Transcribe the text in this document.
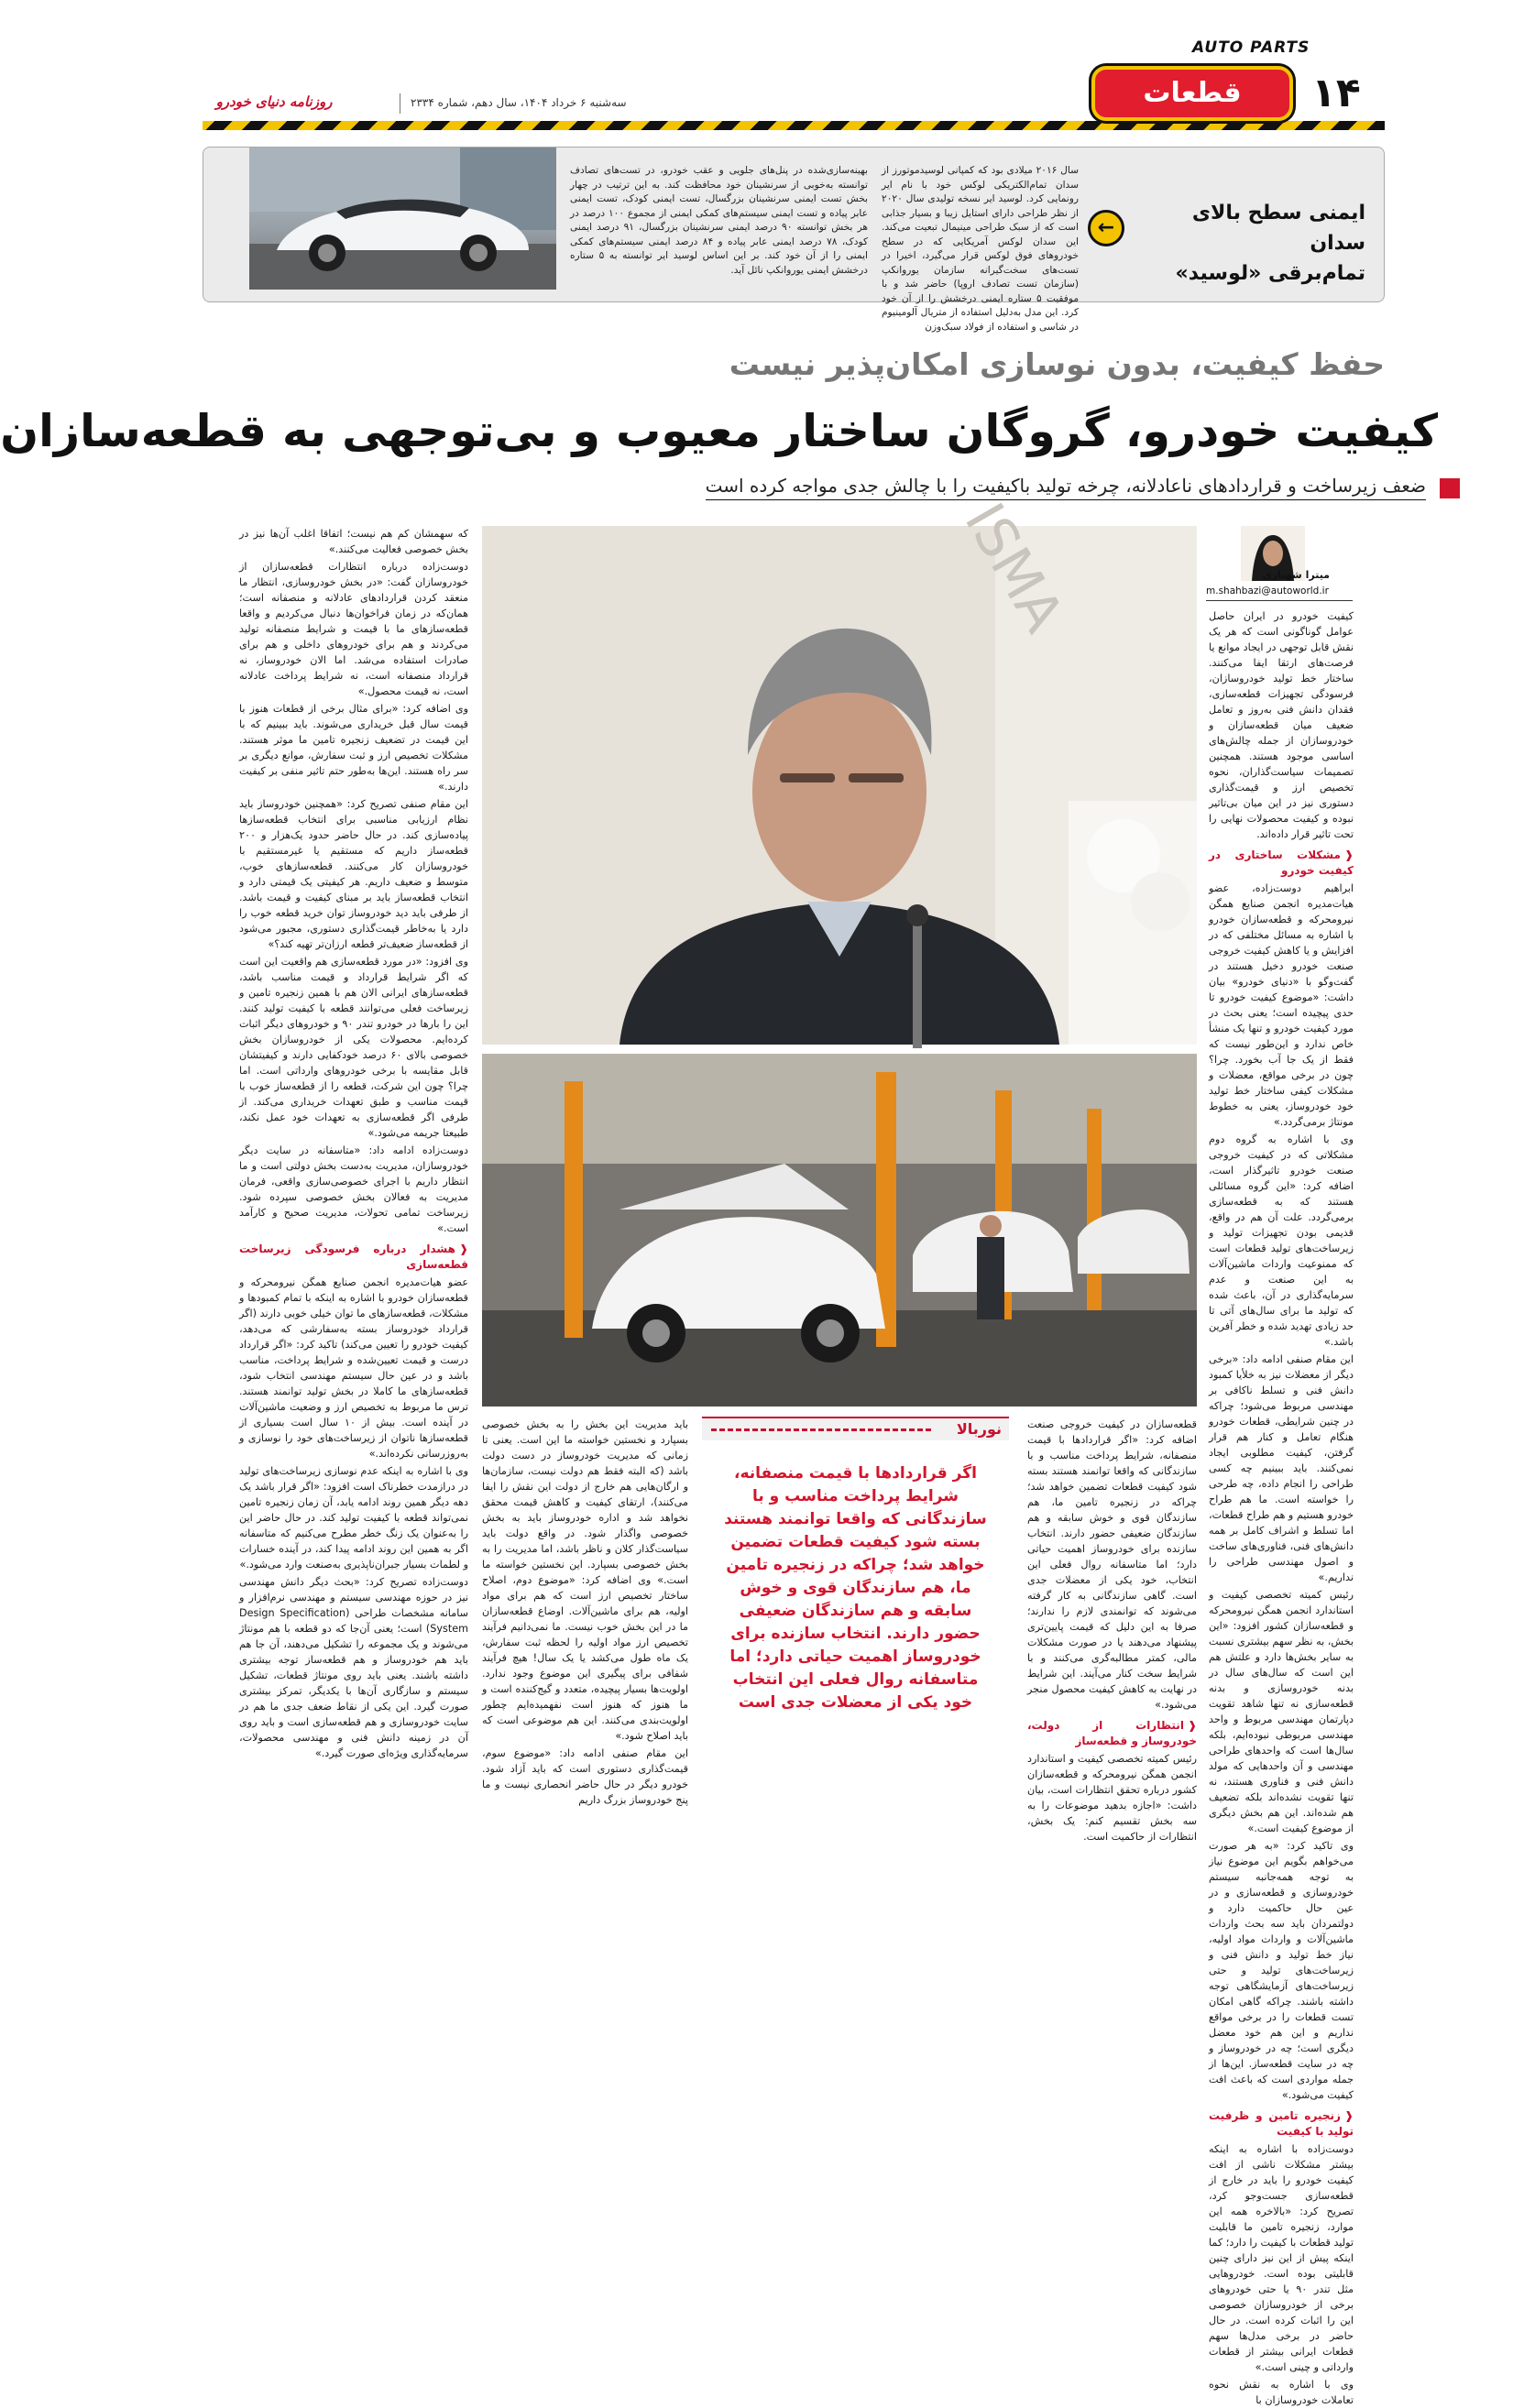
AUTO PARTS
۱۴
قطعات
سه‌شنبه ۶ خرداد ۱۴۰۴، سال دهم، شماره ۲۳۳۴
روزنامه دنیای خودرو
ایمنی سطح بالای سدان
تمام‌برقی «لوسید»
←
سال ۲۰۱۶ میلادی بود که کمپانی لوسید‌موتورز از سدان تمام‌الکتریکی لوکس خود با نام ایر رونمایی کرد. لوسید ایر نسخه تولیدی سال ۲۰۲۰ از نظر طراحی دارای استایل زیبا و بسیار جذابی است که از سبک طراحی مینیمال تبعیت می‌کند. این سدان لوکس آمریکایی که در سطح خودروهای فوق لوکس قرار می‌گیرد، اخیرا در تست‌های سخت‌گیرانه سازمان یوروانکپ (سازمان تست تصادف اروپا) حاضر شد و با موفقیت ۵ ستاره ایمنی درخشش را از آن خود کرد. این مدل به‌دلیل استفاده از متریال آلومینیوم در شاسی و استفاده از فولاد سبک‌وزن
بهینه‌سازی‌شده در پنل‌های جلویی و عقب خودرو، در تست‌های تصادف توانسته به‌خوبی از سرنشینان خود محافظت کند. به این ترتیب در چهار بخش تست ایمنی سرنشینان بزرگسال، تست ایمنی کودک، تست ایمنی عابر پیاده و تست ایمنی سیستم‌های کمکی ایمنی از مجموع ۱۰۰ درصد در هر بخش توانسته ۹۰ درصد ایمنی سرنشینان بزرگسال، ۹۱ درصد ایمنی کودک، ۷۸ درصد ایمنی عابر پیاده و ۸۴ درصد ایمنی سیستم‌های کمکی ایمنی را از آن خود کند. بر این اساس لوسید ایر توانسته به ۵ ستاره درخشش ایمنی یوروانکپ نائل آید.
حفظ کیفیت، بدون نوسازی امکان‌پذیر نیست
کیفیت خودرو، گروگان ساختار معیوب و بی‌توجهی به قطعه‌سازان
ضعف زیرساخت و قراردادهای ناعادلانه، چرخه تولید باکیفیت را با چالش جدی مواجه کرده است
ISMA	میترا شهبازی
m.shahbazi@autoworld.ir

کیفیت خودرو در ایران حاصل عوامل گوناگونی است که هر یک نقش قابل توجهی در ایجاد موانع یا فرصت‌های ارتقا ایفا می‌کنند. ساختار خط تولید خودروسازان، فرسودگی تجهیزات قطعه‌سازی، فقدان دانش فنی به‌روز و تعامل ضعیف میان قطعه‌سازان و خودروسازان از جمله چالش‌های اساسی موجود هستند. همچنین تصمیمات سیاست‌گذاران، نحوه تخصیص ارز و قیمت‌گذاری دستوری نیز در این میان بی‌تاثیر نبوده و کیفیت محصولات نهایی را تحت تاثیر قرار داده‌اند.

❰ مشکلات ساختاری در کیفیت خودرو

ابراهیم دوست‌زاده، عضو هیات‌مدیره انجمن صنایع همگن نیرو‌محرکه و قطعه‌سازان خودرو با اشاره به مسائل مختلفی که در افزایش و یا کاهش کیفیت خروجی صنعت خودرو دخیل هستند در گفت‌وگو با «دنیای خودرو» بیان داشت: «موضوع کیفیت خودرو تا حدی پیچیده است؛ یعنی بحث در مورد کیفیت خودرو و تنها یک منشأ خاص ندارد و این‌طور نیست که فقط از یک جا آب بخورد. چرا؟ چون در برخی مواقع، معضلات و مشکلات کیفی ساختار خط تولید خود خودروساز، یعنی به خطوط مونتاژ برمی‌گردد.»

وی با اشاره به گروه دوم مشکلاتی که در کیفیت خروجی صنعت خودرو تاثیرگذار است، اضافه کرد: «این گروه مسائلی هستند که به قطعه‌سازی برمی‌گردد. علت آن هم در واقع، قدیمی بودن تجهیزات تولید و زیرساخت‌های تولید قطعات است که ممنوعیت واردات ماشین‌آلات به این صنعت و عدم سرمایه‌گذاری در آن، باعث شده که تولید ما برای سال‌های آتی تا حد زیادی تهدید شده و خطر آفرین باشد.»

این مقام صنفی ادامه داد: «برخی دیگر از معضلات نیز به خلأیا کمبود دانش فنی و تسلط ناکافی بر مهندسی مربوط می‌شود؛ چراکه در چنین شرایطی، قطعات خودرو هنگام تعامل و کنار هم قرار گرفتن، کیفیت مطلوبی ایجاد نمی‌کنند. باید ببینیم چه کسی طراحی را انجام داده، چه طرحی را خواسته است. ما هم طراح خودرو هستیم و هم طراح قطعات، اما تسلط و اشراف کامل بر همه دانش‌های فنی، فناوری‌های ساخت و اصول مهندسی طراحی را نداریم.»

رئیس کمیته تخصصی کیفیت و استاندارد انجمن همگن نیرو‌محرکه و قطعه‌سازان کشور افزود: «این بخش، به نظر سهم بیشتری نسبت به سایر بخش‌ها دارد و علتش هم این است که سال‌های سال در بدنه خودروسازی و بدنه قطعه‌سازی نه تنها شاهد تقویت دپارتمان مهندسی مربوط و واحد مهندسی مربوطی نبوده‌ایم، بلکه سال‌ها است که واحدهای طراحی مهندسی و آن واحدهایی که مولد دانش فنی و فناوری هستند، نه تنها تقویت نشده‌اند بلکه تضعیف هم شده‌اند. این هم بخش دیگری از موضوع کیفیت است.»

وی تاکید کرد: «به هر صورت می‌خواهم بگویم این موضوع نیاز به توجه همه‌جانبه سیستم خودروسازی و قطعه‌سازی و در عین حال حاکمیت دارد و دولتمردان باید سه بحث واردات ماشین‌آلات و واردات مواد اولیه، نیاز خط تولید و دانش فنی و زیرساخت‌های تولید و حتی زیرساخت‌های آزمایشگاهی توجه داشته باشند. چراکه گاهی امکان تست قطعات را در برخی مواقع نداریم و این هم خود معضل دیگری است؛ چه در خودروساز و چه در سایت قطعه‌ساز. این‌ها از جمله مواردی است که باعث افت کیفیت می‌شود.»

❰ زنجیره تامین و ظرفیت تولید با کیفیت

دوست‌زاده با اشاره به اینکه بیشتر مشکلات ناشی از افت کیفیت خودرو را باید در خارج از قطعه‌سازی جست‌وجو کرد، تصریح کرد: «بالاخره همه این موارد، زنجیره تامین ما قابلیت تولید قطعات با کیفیت را دارد؛ کما اینکه پیش از این نیز دارای چنین قابلیتی بوده است. خودروهایی مثل تندر ۹۰ یا حتی خودروهای برخی از خودروسازان خصوصی این را اثبات کرده است. در حال حاضر در برخی مدل‌ها سهم قطعات ایرانی بیشتر از قطعات وارداتی و چینی است.»

وی با اشاره به نقش نحوه تعاملات خودروسازان با

قطعه‌سازان در کیفیت خروجی صنعت اضافه کرد: «اگر قراردادها با قیمت منصفانه، شرایط پرداخت مناسب و با سازندگانی که واقعا توانمند هستند بسته شود کیفیت قطعات تضمین خواهد شد؛ چراکه در زنجیره تامین ما، هم سازندگان قوی و خوش سابقه و هم سازندگان ضعیفی حضور دارند. انتخاب سازنده برای خودروساز اهمیت حیاتی دارد؛ اما متاسفانه روال فعلی این انتخاب، خود یکی از معضلات جدی است. گاهی سازندگانی به کار گرفته می‌شوند که توانمندی لازم را ندارند؛ صرفا به این دلیل که قیمت پایین‌تری پیشنهاد می‌دهند یا در صورت مشکلات مالی، کمتر مطالبه‌گری می‌کنند و با شرایط سخت کنار می‌آیند. این شرایط در نهایت به کاهش کیفیت محصول منجر می‌شود.»

❰ انتظارات از دولت، خودروساز و قطعه‌ساز

رئیس کمیته تخصصی کیفیت و استاندارد انجمن همگن نیرو‌محرکه و قطعه‌سازان کشور درباره تحقق انتظارات است، بیان داشت: «اجازه بدهید موضوعات را به سه بخش تقسیم کنم: یک بخش، انتظارات از حاکمیت است.

نوربالا
اگر قراردادها با قیمت منصفانه، شرایط پرداخت مناسب و با سازندگانی که واقعا توانمند هستند بسته شود کیفیت قطعات تضمین خواهد شد؛ چراکه در زنجیره تامین ما، هم سازندگان قوی و خوش سابقه و هم سازندگان ضعیفی حضور دارند. انتخاب سازنده برای خودروساز اهمیت حیاتی دارد؛ اما متاسفانه روال فعلی این انتخاب خود یکی از معضلات جدی است

باید مدیریت این بخش را به بخش خصوصی بسپارد و نخستین خواسته ما این است. یعنی تا زمانی که مدیریت خودروساز در دست دولت باشد (که البته فقط هم دولت نیست، سازمان‌ها و ارگان‌هایی هم خارج از دولت این نقش را ایفا می‌کنند)، ارتقای کیفیت و کاهش قیمت محقق نخواهد شد و اداره خودروساز باید به بخش خصوصی واگذار شود. در واقع دولت باید سیاست‌گذار کلان و ناظر باشد، اما مدیریت را به بخش خصوصی بسپارد. این نخستین خواسته ما است.» وی اضافه کرد: «موضوع دوم، اصلاح ساختار تخصیص ارز است که هم برای مواد اولیه، هم برای ماشین‌آلات. اوضاع قطعه‌سازان ما در این بخش خوب نیست. ما نمی‌دانیم فرآیند تخصیص ارز مواد اولیه را لحظه ثبت سفارش، یک ماه طول می‌کشد یا یک سال! هیچ فرآیند شفافی برای پیگیری این موضوع وجود ندارد. اولویت‌ها بسیار پیچیده، متعدد و گیج‌کننده است و ما هنوز که هنوز است نفهمیده‌ایم چطور اولویت‌بندی می‌کنند. این هم موضوعی است که باید اصلاح شود.»

این مقام صنفی ادامه داد: «موضوع سوم، قیمت‌گذاری دستوری است که باید آزاد شود. خودرو دیگر در حال حاضر انحصاری نیست و ما پنج خودروساز بزرگ داریم

که سهمشان کم هم نیست؛ اتفاقا اغلب آن‌ها نیز در بخش خصوصی فعالیت می‌کنند.»

دوست‌زاده درباره انتظارات قطعه‌سازان از خودروسازان گفت: «در بخش خودروسازی، انتظار ما منعقد کردن قراردادهای عادلانه و منصفانه است؛ همان‌که در زمان فراخوان‌ها دنبال می‌کردیم و واقعا قطعه‌سازهای ما با قیمت و شرایط منصفانه تولید می‌کردند و هم برای خودروهای داخلی و هم برای صادرات استفاده می‌شد. اما الان خودروساز، نه قرارداد منصفانه است، نه شرایط پرداخت عادلانه است، نه قیمت محصول.»

وی اضافه کرد: «برای مثال برخی از قطعات هنوز با قیمت سال قبل خریداری می‌شوند. باید ببینیم که با این قیمت در تضعیف زنجیره تامین ما موثر هستند. مشکلات تخصیص ارز و ثبت سفارش، موانع دیگری بر سر راه هستند. این‌ها به‌طور حتم تاثیر منفی بر کیفیت دارند.»

این مقام صنفی تصریح کرد: «همچنین خودروساز باید نظام ارزیابی مناسبی برای انتخاب قطعه‌سازها پیاده‌سازی کند. در حال حاضر حدود یک‌هزار و ۲۰۰ قطعه‌ساز داریم که مستقیم یا غیرمستقیم با خودروسازان کار می‌کنند. قطعه‌سازهای خوب، متوسط و ضعیف داریم. هر کیفیتی یک قیمتی دارد و انتخاب قطعه‌ساز باید بر مبنای کیفیت و قیمت باشد. از طرفی باید دید خودروساز توان خرید قطعه خوب را دارد یا به‌خاطر قیمت‌گذاری دستوری، مجبور می‌شود از قطعه‌ساز ضعیف‌تر قطعه ارزان‌تر تهیه کند؟»

وی افزود: «در مورد قطعه‌سازی هم واقعیت این است که اگر شرایط قرارداد و قیمت مناسب باشد، قطعه‌سازهای ایرانی الان هم با همین زنجیره تامین و زیرساخت فعلی می‌توانند قطعه با کیفیت تولید کنند. این را بارها در خودرو تندر ۹۰ و خودروهای دیگر اثبات کرده‌ایم. محصولات یکی از خودروسازان بخش خصوصی بالای ۶۰ درصد خودکفایی دارند و کیفیتشان قابل مقایسه با برخی خودروهای وارداتی است. اما چرا؟ چون این شرکت، قطعه را از قطعه‌ساز خوب با قیمت مناسب و طبق تعهدات خریداری می‌کند. از طرفی اگر قطعه‌سازی به تعهدات خود عمل نکند، طبیعتا جریمه می‌شود.»

دوست‌زاده ادامه داد: «متاسفانه در سایت دیگر خودروسازان، مدیریت به‌دست بخش دولتی است و ما انتظار داریم با اجرای خصوصی‌سازی واقعی، فرمان مدیریت به فعالان بخش خصوصی سپرده شود. زیرساخت تمامی تحولات، مدیریت صحیح و کارآمد است.»

❰ هشدار درباره فرسودگی زیرساخت قطعه‌سازی

عضو هیات‌مدیره انجمن صنایع همگن نیرو‌محرکه و قطعه‌سازان خودرو با اشاره به اینکه با تمام کمبودها و مشکلات، قطعه‌سازهای ما توان خیلی خوبی دارند (اگر قرارداد خودروساز بسته به‌سفارشی که می‌دهد، کیفیت خودرو را تعیین می‌کند) تاکید کرد: «اگر قرارداد درست و قیمت تعیین‌شده و شرایط پرداخت، مناسب باشد و در عین حال سیستم مهندسی انتخاب شود، قطعه‌سازهای ما کاملا در بخش تولید توانمند هستند. ترس ما مربوط به تخصیص ارز و وضعیت ماشین‌آلات در آینده است. بیش از ۱۰ سال است بسیاری از قطعه‌سازها ناتوان از زیرساخت‌های خود را نوسازی و به‌روزرسانی نکرده‌اند.»

وی با اشاره به اینکه عدم نوسازی زیرساخت‌های تولید در درازمدت خطرناک است افزود: «اگر قرار باشد یک دهه دیگر همین روند ادامه یابد، آن زمان زنجیره تامین نمی‌تواند قطعه با کیفیت تولید کند. در حال حاضر این را به‌عنوان یک زنگ خطر مطرح می‌کنیم که متاسفانه اگر به همین این روند ادامه پیدا کند، در آینده خسارات و لطمات بسیار جبران‌ناپذیری به‌صنعت وارد می‌شود.»

دوست‌زاده تصریح کرد: «بحث دیگر دانش مهندسی نیز در حوزه مهندسی سیستم و مهندسی نرم‌افزار و سامانه مشخصات طراحی (Design Specification System) است؛ یعنی آن‌جا که دو قطعه با هم مونتاژ می‌شوند و یک مجموعه را تشکیل می‌دهند، آن جا هم باید هم خودروساز و هم قطعه‌ساز توجه بیشتری داشته باشند. یعنی باید روی مونتاژ قطعات، تشکیل سیستم و سازگاری آن‌ها با یکدیگر، تمرکز بیشتری صورت گیرد. این یکی از نقاط ضعف جدی ما هم در سایت خودروسازی و هم قطعه‌سازی است و باید روی آن در زمینه دانش فنی و مهندسی محصولات، سرمایه‌گذاری ویژه‌ای صورت گیرد.»
